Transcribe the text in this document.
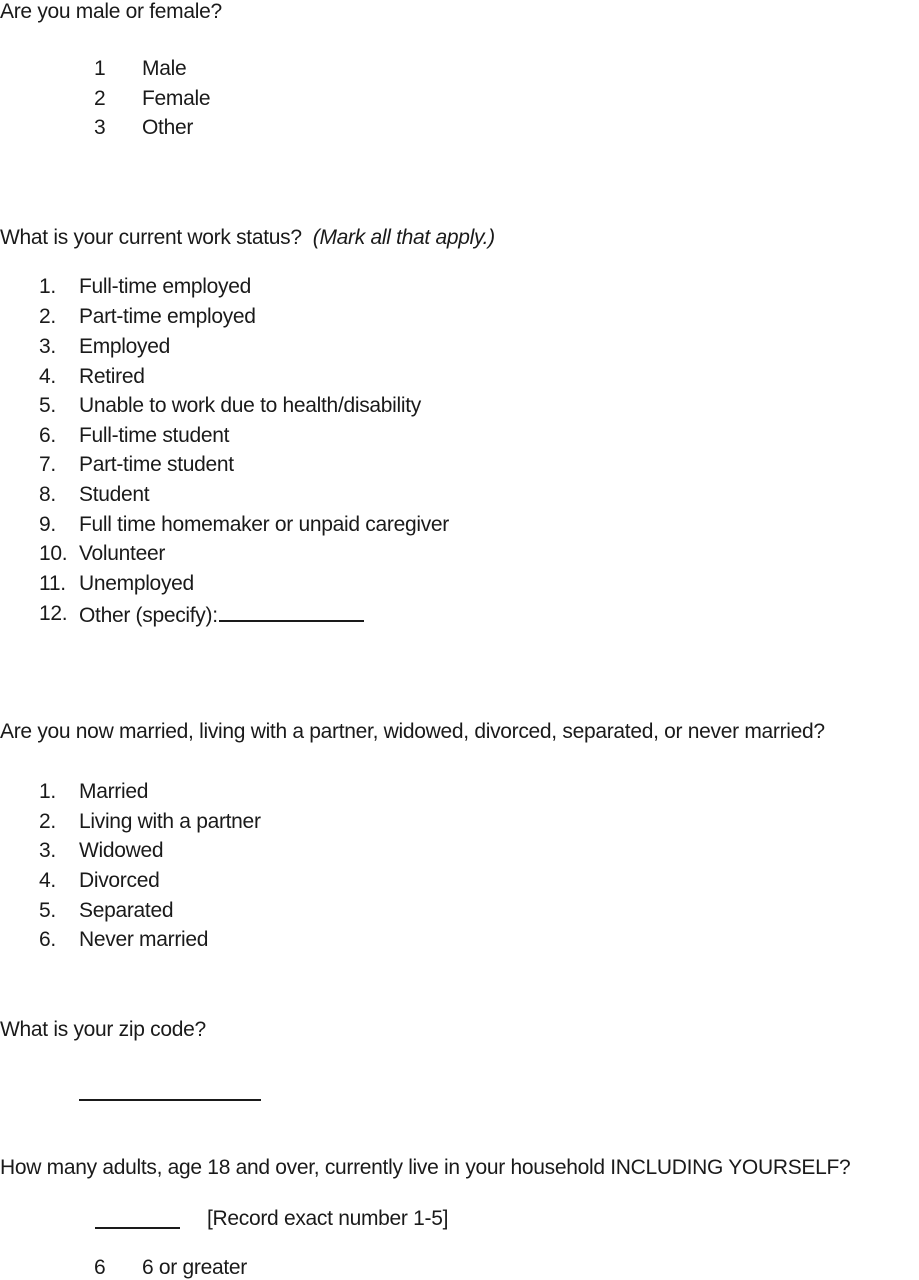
Are you male or female?
1 Male
2 Female
3 Other
What is your current work status? (Mark all that apply.)
1. Full-time employed
2. Part-time employed
3. Employed
4. Retired
5. Unable to work due to health/disability
6. Full-time student
7. Part-time student
8. Student
9. Full time homemaker or unpaid caregiver
10. Volunteer
11. Unemployed
12. Other (specify):
Are you now married, living with a partner, widowed, divorced, separated, or never married?
1. Married
2. Living with a partner
3. Widowed
4. Divorced
5. Separated
6. Never married
What is your zip code?
How many adults, age 18 and over, currently live in your household INCLUDING YOURSELF?
[Record exact number 1-5]
6 6 or greater
